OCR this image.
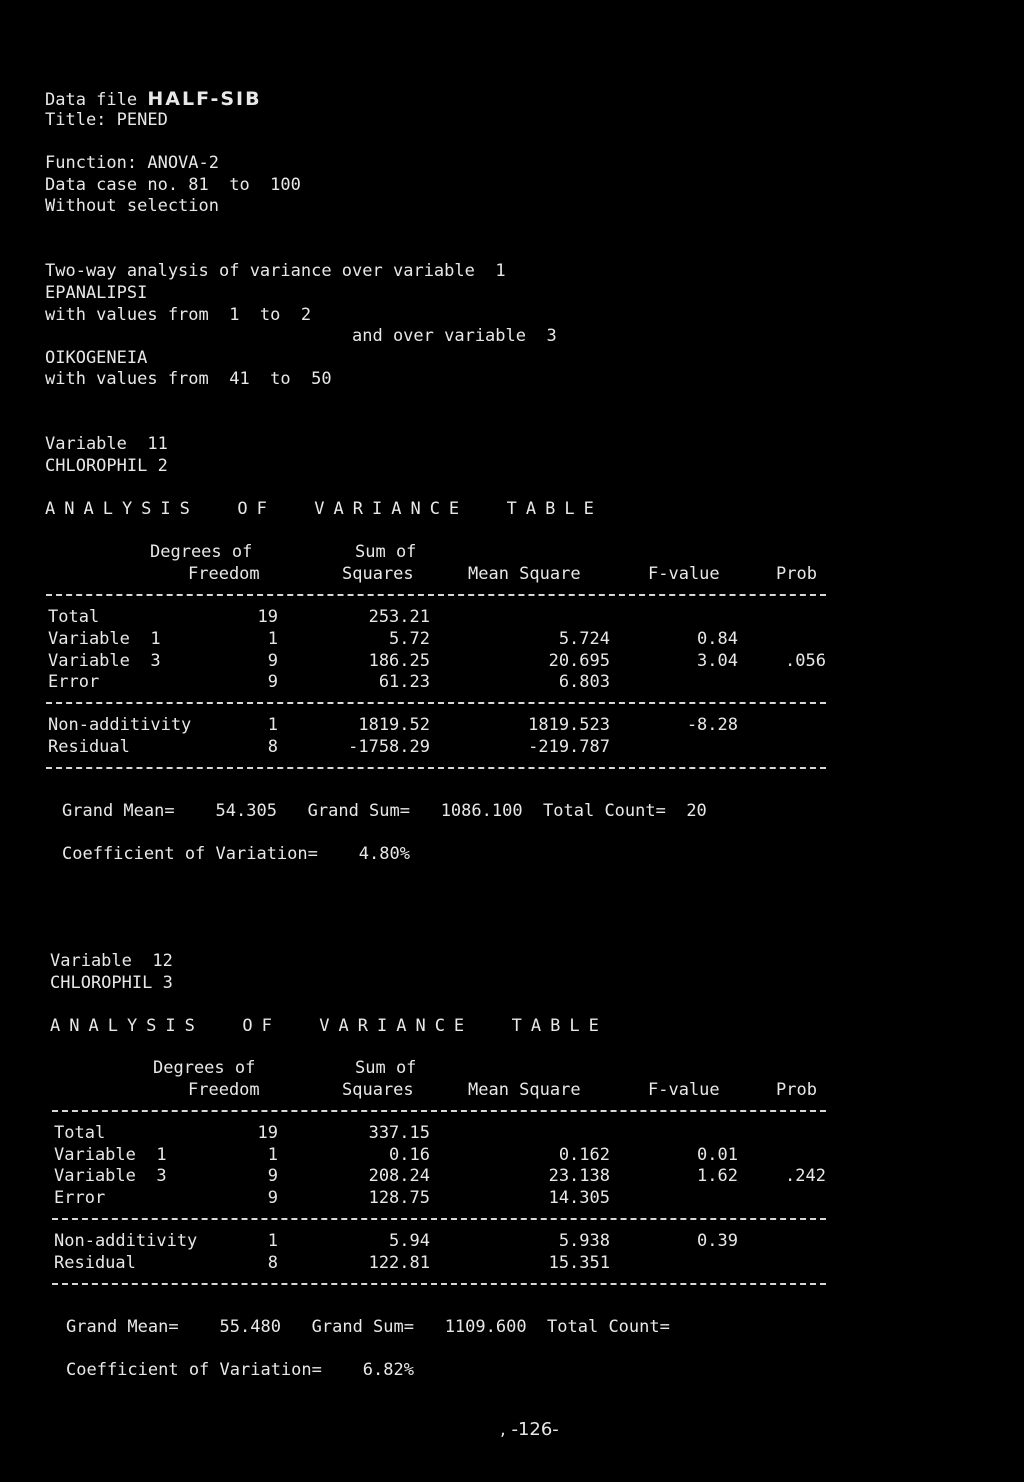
Data file HALF-SIB
Title: PENED
Function: ANOVA-2
Data case no. 81  to  100
Without selection
Two-way analysis of variance over variable  1
EPANALIPSI
with values from  1  to  2
and over variable  3
OIKOGENEIA
with values from  41  to  50
Variable  11
CHLOROPHIL 2
ANALYSIS  OF  VARIANCE  TABLE
Degrees of	Sum of
Freedom	Squares	Mean Square	F-value	Prob
Total	19	253.21
Variable  1	1	5.72	5.724	0.84
Variable  3	9	186.25	20.695	3.04	.056
Error	9	61.23	6.803
Non-additivity	1	1819.52	1819.523	-8.28
Residual	8	-1758.29	-219.787
Grand Mean=    54.305   Grand Sum=   1086.100  Total Count=  20
Coefficient of Variation=    4.80%
Variable  12
CHLOROPHIL 3
ANALYSIS  OF  VARIANCE  TABLE
Degrees of	Sum of
Freedom	Squares	Mean Square	F-value	Prob
Total	19	337.15
Variable  1	1	0.16	0.162	0.01
Variable  3	9	208.24	23.138	1.62	.242
Error	9	128.75	14.305
Non-additivity	1	5.94	5.938	0.39
Residual	8	122.81	15.351
Grand Mean=    55.480   Grand Sum=   1109.600  Total Count=
Coefficient of Variation=    6.82%
, -126-
